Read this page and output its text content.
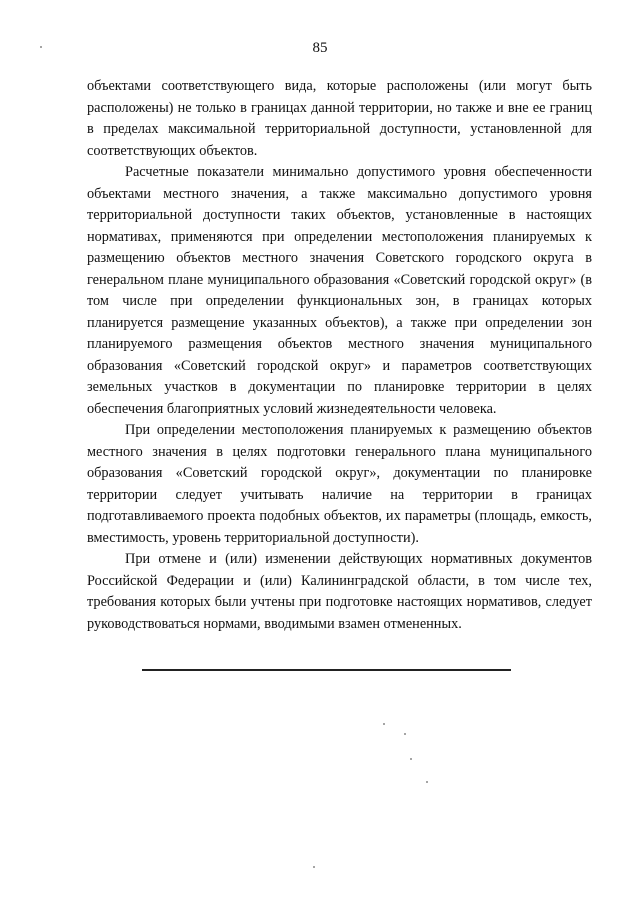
85

объектами соответствующего вида, которые расположены (или могут быть расположены) не только в границах данной территории, но также и вне ее границ в пределах максимальной территориальной доступности, установленной для соответствующих объектов.

Расчетные показатели минимально допустимого уровня обеспеченности объектами местного значения, а также максимально допустимого уровня территориальной доступности таких объектов, установленные в настоящих нормативах, применяются при определении местоположения планируемых к размещению объектов местного значения Советского городского округа в генеральном плане муниципального образования «Советский городской округ» (в том числе при определении функциональных зон, в границах которых планируется размещение указанных объектов), а также при определении зон планируемого размещения объектов местного значения муниципального образования «Советский городской округ» и параметров соответствующих земельных участков в документации по планировке территории в целях обеспечения благоприятных условий жизнедеятельности человека.

При определении местоположения планируемых к размещению объектов местного значения в целях подготовки генерального плана муниципального образования «Советский городской округ», документации по планировке территории следует учитывать наличие на территории в границах подготавливаемого проекта подобных объектов, их параметры (площадь, емкость, вместимость, уровень территориальной доступности).

При отмене и (или) изменении действующих нормативных документов Российской Федерации и (или) Калининградской области, в том числе тех, требования которых были учтены при подготовке настоящих нормативов, следует руководствоваться нормами, вводимыми взамен отмененных.
